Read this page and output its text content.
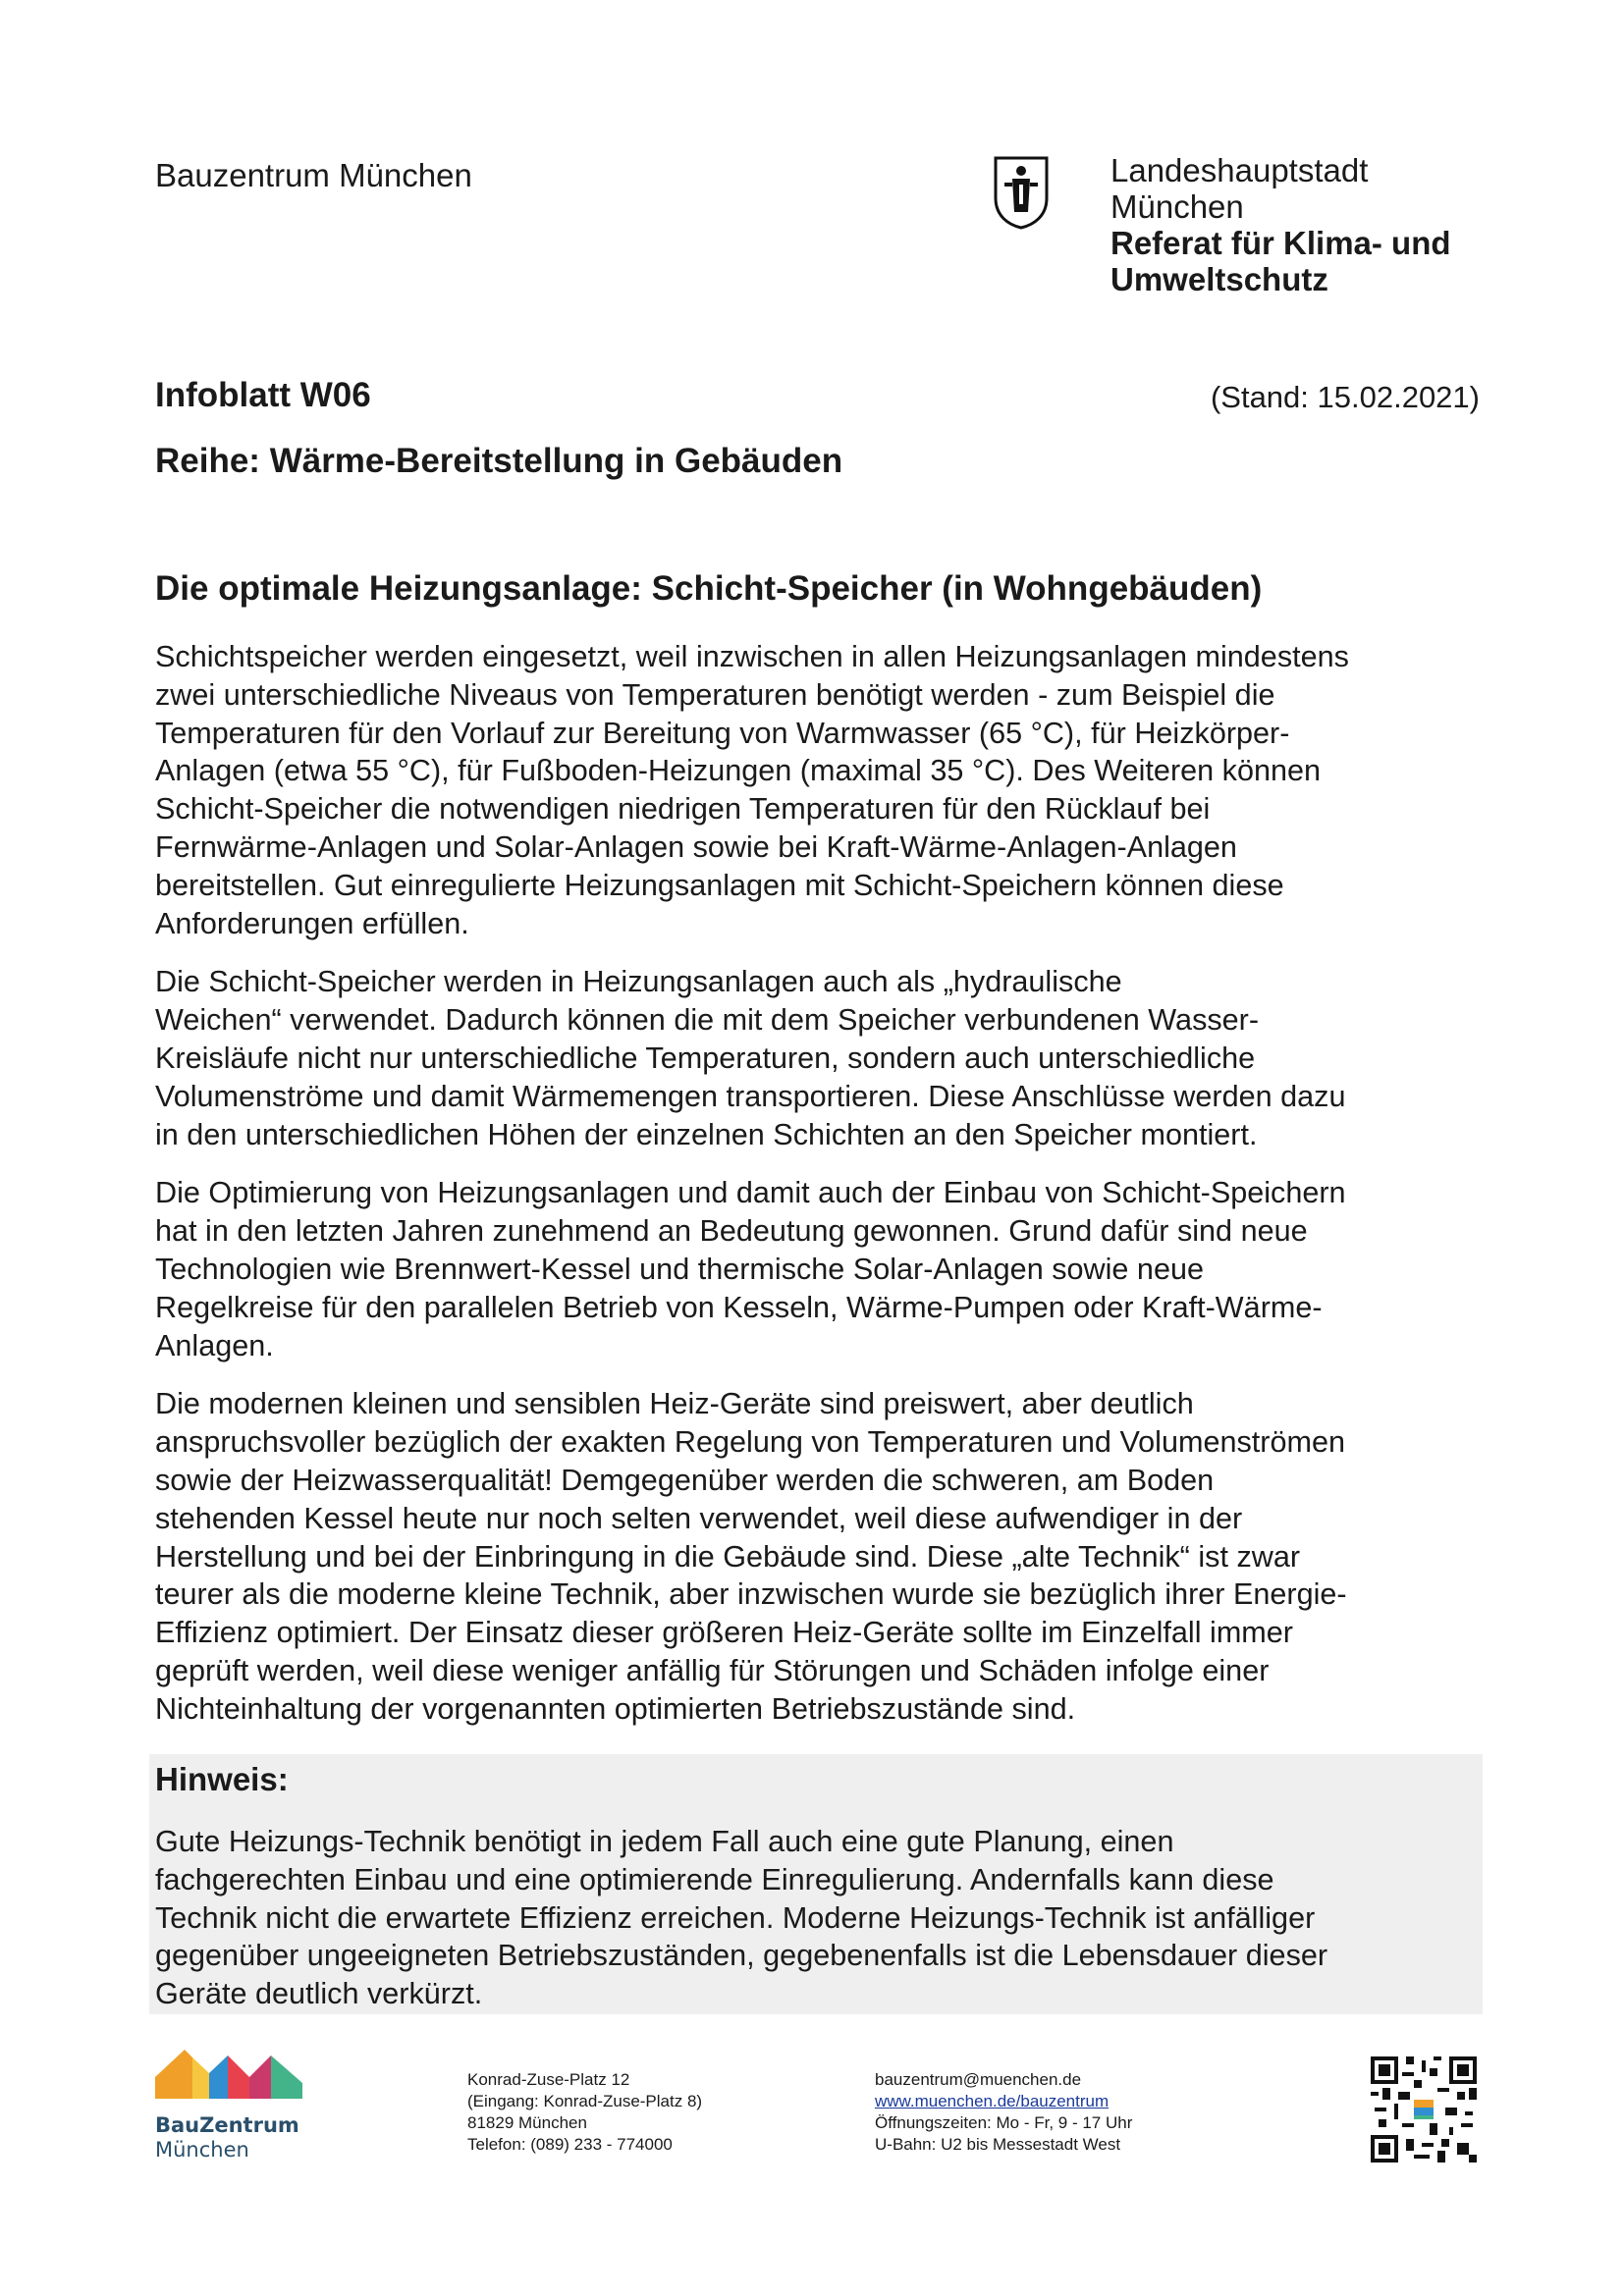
Bauzentrum München	Landeshauptstadt
München
Referat für Klima- und
Umweltschutz
Infoblatt W06	(Stand: 15.02.2021)
Reihe: Wärme-Bereitstellung in Gebäuden
Die optimale Heizungsanlage: Schicht-Speicher (in Wohngebäuden)

Schichtspeicher werden eingesetzt, weil inzwischen in allen Heizungsanlagen mindestens
zwei unterschiedliche Niveaus von Temperaturen benötigt werden - zum Beispiel die
Temperaturen für den Vorlauf zur Bereitung von Warmwasser (65 °C), für Heizkörper-
Anlagen (etwa 55 °C), für Fußboden-Heizungen (maximal 35 °C). Des Weiteren können
Schicht-Speicher die notwendigen niedrigen Temperaturen für den Rücklauf bei
Fernwärme-Anlagen und Solar-Anlagen sowie bei Kraft-Wärme-Anlagen-Anlagen
bereitstellen. Gut einregulierte Heizungsanlagen mit Schicht-Speichern können diese
Anforderungen erfüllen.

Die Schicht-Speicher werden in Heizungsanlagen auch als „hydraulische
Weichen“ verwendet. Dadurch können die mit dem Speicher verbundenen Wasser-
Kreisläufe nicht nur unterschiedliche Temperaturen, sondern auch unterschiedliche
Volumenströme und damit Wärmemengen transportieren. Diese Anschlüsse werden dazu
in den unterschiedlichen Höhen der einzelnen Schichten an den Speicher montiert.

Die Optimierung von Heizungsanlagen und damit auch der Einbau von Schicht-Speichern
hat in den letzten Jahren zunehmend an Bedeutung gewonnen. Grund dafür sind neue
Technologien wie Brennwert-Kessel und thermische Solar-Anlagen sowie neue
Regelkreise für den parallelen Betrieb von Kesseln, Wärme-Pumpen oder Kraft-Wärme-
Anlagen.

Die modernen kleinen und sensiblen Heiz-Geräte sind preiswert, aber deutlich
anspruchsvoller bezüglich der exakten Regelung von Temperaturen und Volumenströmen
sowie der Heizwasserqualität! Demgegenüber werden die schweren, am Boden
stehenden Kessel heute nur noch selten verwendet, weil diese aufwendiger in der
Herstellung und bei der Einbringung in die Gebäude sind. Diese „alte Technik“ ist zwar
teurer als die moderne kleine Technik, aber inzwischen wurde sie bezüglich ihrer Energie-
Effizienz optimiert. Der Einsatz dieser größeren Heiz-Geräte sollte im Einzelfall immer
geprüft werden, weil diese weniger anfällig für Störungen und Schäden infolge einer
Nichteinhaltung der vorgenannten optimierten Betriebszustände sind.

Hinweis:
Gute Heizungs-Technik benötigt in jedem Fall auch eine gute Planung, einen
fachgerechten Einbau und eine optimierende Einregulierung. Andernfalls kann diese
Technik nicht die erwartete Effizienz erreichen. Moderne Heizungs-Technik ist anfälliger
gegenüber ungeeigneten Betriebszuständen, gegebenenfalls ist die Lebensdauer dieser
Geräte deutlich verkürzt.
BauZentrum
München
Konrad-Zuse-Platz 12
(Eingang: Konrad-Zuse-Platz 8)
81829 München
Telefon: (089) 233 - 774000
bauzentrum@muenchen.de
www.muenchen.de/bauzentrum
Öffnungszeiten: Mo - Fr, 9 - 17 Uhr
U-Bahn: U2 bis Messestadt West
